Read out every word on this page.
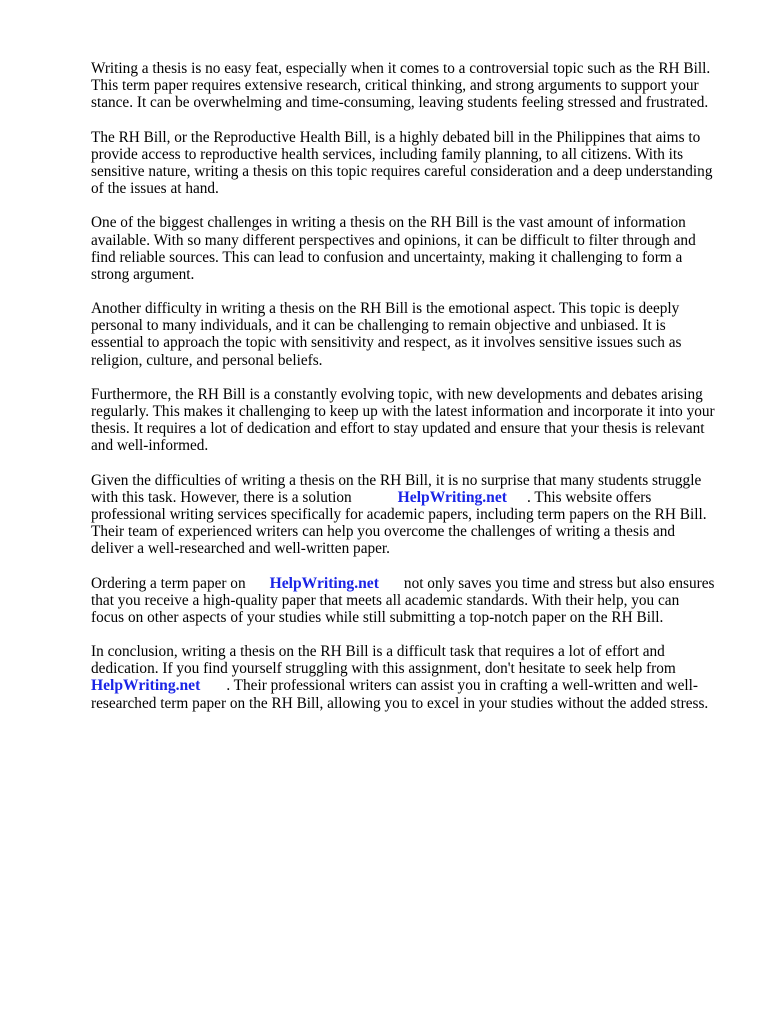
Writing a thesis is no easy feat, especially when it comes to a controversial topic such as the RH Bill.
This term paper requires extensive research, critical thinking, and strong arguments to support your
stance. It can be overwhelming and time-consuming, leaving students feeling stressed and frustrated.

The RH Bill, or the Reproductive Health Bill, is a highly debated bill in the Philippines that aims to
provide access to reproductive health services, including family planning, to all citizens. With its
sensitive nature, writing a thesis on this topic requires careful consideration and a deep understanding
of the issues at hand.

One of the biggest challenges in writing a thesis on the RH Bill is the vast amount of information
available. With so many different perspectives and opinions, it can be difficult to filter through and
find reliable sources. This can lead to confusion and uncertainty, making it challenging to form a
strong argument.

Another difficulty in writing a thesis on the RH Bill is the emotional aspect. This topic is deeply
personal to many individuals, and it can be challenging to remain objective and unbiased. It is
essential to approach the topic with sensitivity and respect, as it involves sensitive issues such as
religion, culture, and personal beliefs.

Furthermore, the RH Bill is a constantly evolving topic, with new developments and debates arising
regularly. This makes it challenging to keep up with the latest information and incorporate it into your
thesis. It requires a lot of dedication and effort to stay updated and ensure that your thesis is relevant
and well-informed.

Given the difficulties of writing a thesis on the RH Bill, it is no surprise that many students struggle
with this task. However, there is a solution	HelpWriting.net . This website offers
professional writing services specifically for academic papers, including term papers on the RH Bill.
Their team of experienced writers can help you overcome the challenges of writing a thesis and
deliver a well-researched and well-written paper.

Ordering a term paper on HelpWriting.net not only saves you time and stress but also ensures
that you receive a high-quality paper that meets all academic standards. With their help, you can
focus on other aspects of your studies while still submitting a top-notch paper on the RH Bill.

In conclusion, writing a thesis on the RH Bill is a difficult task that requires a lot of effort and
dedication. If you find yourself struggling with this assignment, don't hesitate to seek help from
HelpWriting.net . Their professional writers can assist you in crafting a well-written and well-
researched term paper on the RH Bill, allowing you to excel in your studies without the added stress.
